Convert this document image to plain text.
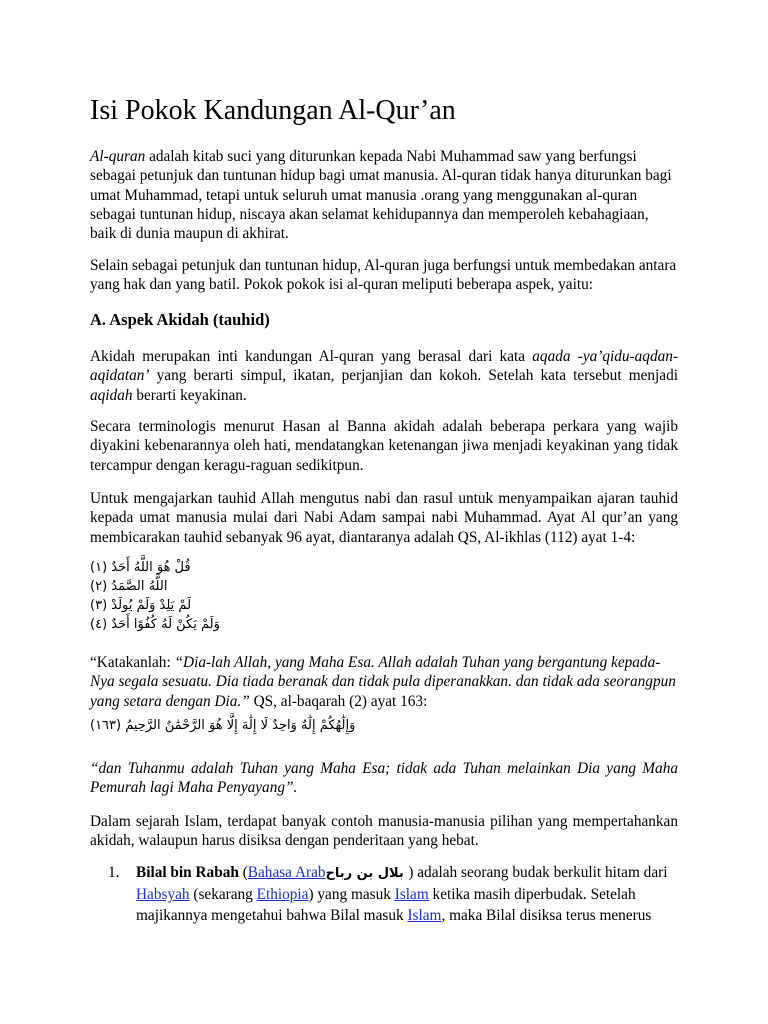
Isi Pokok Kandungan Al-Qur’an

Al-quran adalah kitab suci yang diturunkan kepada Nabi Muhammad saw yang berfungsi sebagai petunjuk dan tuntunan hidup bagi umat manusia. Al-quran tidak hanya diturunkan bagi umat Muhammad, tetapi untuk seluruh umat manusia .orang yang menggunakan al-quran sebagai tuntunan hidup, niscaya akan selamat kehidupannya dan memperoleh kebahagiaan, baik di dunia maupun di akhirat.

Selain sebagai petunjuk dan tuntunan hidup, Al-quran juga berfungsi untuk membedakan antara yang hak dan yang batil. Pokok pokok isi al-quran meliputi beberapa aspek, yaitu:

A. Aspek Akidah (tauhid)

Akidah merupakan inti kandungan Al-quran yang berasal dari kata aqada -ya’qidu-aqdan-aqidatan’ yang berarti simpul, ikatan, perjanjian dan kokoh. Setelah kata tersebut menjadi aqidah berarti keyakinan.

Secara terminologis menurut Hasan al Banna akidah adalah beberapa perkara yang wajib diyakini kebenarannya oleh hati, mendatangkan ketenangan jiwa menjadi keyakinan yang tidak tercampur dengan keragu-raguan sedikitpun.

Untuk mengajarkan tauhid Allah mengutus nabi dan rasul untuk menyampaikan ajaran tauhid kepada umat manusia mulai dari Nabi Adam sampai nabi Muhammad. Ayat Al qur’an yang membicarakan tauhid sebanyak 96 ayat, diantaranya adalah QS, Al-ikhlas (112) ayat 1-4:

قُلْ هُوَ اللَّهُ أَحَدٌ (١)
اللَّهُ الصَّمَدُ (٢)
لَمْ يَلِدْ وَلَمْ يُولَدْ (٣)
وَلَمْ يَكُنْ لَهُ كُفُوًا أَحَدٌ (٤)

“Katakanlah: “Dia-lah Allah, yang Maha Esa. Allah adalah Tuhan yang bergantung kepada-Nya segala sesuatu. Dia tiada beranak dan tidak pula diperanakkan. dan tidak ada seorangpun yang setara dengan Dia.” QS, al-baqarah (2) ayat 163:

وَإِلَٰهُكُمْ إِلَٰهٌ وَاحِدٌ لَا إِلَٰهَ إِلَّا هُوَ الرَّحْمَٰنُ الرَّحِيمُ (١٦٣)

“dan Tuhanmu adalah Tuhan yang Maha Esa; tidak ada Tuhan melainkan Dia yang Maha Pemurah lagi Maha Penyayang”.

Dalam sejarah Islam, terdapat banyak contoh manusia-manusia pilihan yang mempertahankan akidah, walaupun harus disiksa dengan penderitaan yang hebat.

1. Bilal bin Rabah (Bahasa Arab بلال بن رباح) adalah seorang budak berkulit hitam dari Habsyah (sekarang Ethiopia) yang masuk Islam ketika masih diperbudak. Setelah majikannya mengetahui bahwa Bilal masuk Islam, maka Bilal disiksa terus menerus
